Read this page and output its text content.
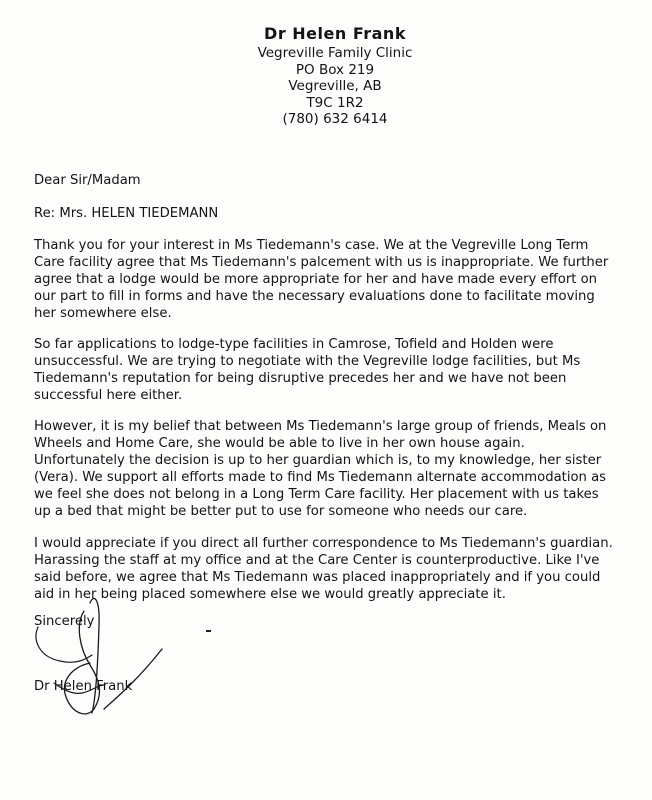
Dr Helen Frank
Vegreville Family Clinic
PO Box 219
Vegreville, AB
T9C 1R2
(780) 632 6414
Dear Sir/Madam
Re: Mrs. HELEN TIEDEMANN
Thank you for your interest in Ms Tiedemann's case. We at the Vegreville Long Term
Care facility agree that Ms Tiedemann's palcement with us is inappropriate. We further
agree that a lodge would be more appropriate for her and have made every effort on
our part to fill in forms and have the necessary evaluations done to facilitate moving
her somewhere else.
So far applications to lodge-type facilities in Camrose, Tofield and Holden were
unsuccessful. We are trying to negotiate with the Vegreville lodge facilities, but Ms
Tiedemann's reputation for being disruptive precedes her and we have not been
successful here either.
However, it is my belief that between Ms Tiedemann's large group of friends, Meals on
Wheels and Home Care, she would be able to live in her own house again.
Unfortunately the decision is up to her guardian which is, to my knowledge, her sister
(Vera). We support all efforts made to find Ms Tiedemann alternate accommodation as
we feel she does not belong in a Long Term Care facility. Her placement with us takes
up a bed that might be better put to use for someone who needs our care.
I would appreciate if you direct all further correspondence to Ms Tiedemann's guardian.
Harassing the staff at my office and at the Care Center is counterproductive. Like I've
said before, we agree that Ms Tiedemann was placed inappropriately and if you could
aid in her being placed somewhere else we would greatly appreciate it.
Sincerely
Dr Helen Frank
